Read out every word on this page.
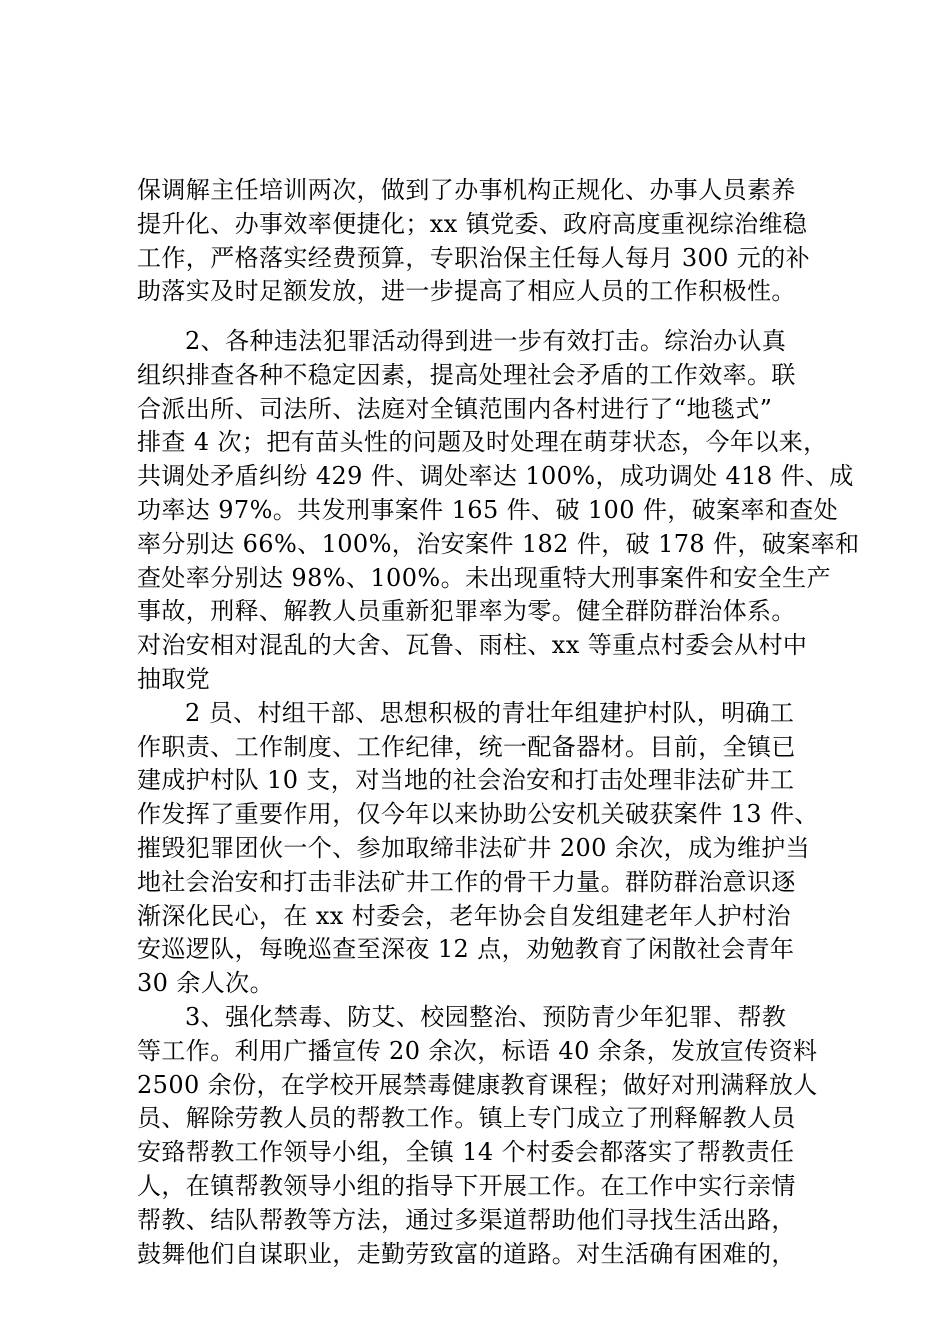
保调解主任培训两次，做到了办事机构正规化、办事人员素养
提升化、办事效率便捷化；xx 镇党委、政府高度重视综治维稳
工作，严格落实经费预算，专职治保主任每人每月 300 元的补
助落实及时足额发放，进一步提高了相应人员的工作积极性。
2、各种违法犯罪活动得到进一步有效打击。综治办认真
组织排查各种不稳定因素，提高处理社会矛盾的工作效率。联
合派出所、司法所、法庭对全镇范围内各村进行了“地毯式”
排查 4 次；把有苗头性的问题及时处理在萌芽状态，今年以来，
共调处矛盾纠纷 429 件、调处率达 100%，成功调处 418 件、成
功率达 97%。共发刑事案件 165 件、破 100 件，破案率和查处
率分别达 66%、100%，治安案件 182 件，破 178 件，破案率和
查处率分别达 98%、100%。未出现重特大刑事案件和安全生产
事故，刑释、解教人员重新犯罪率为零。健全群防群治体系。
对治安相对混乱的大舍、瓦鲁、雨柱、xx 等重点村委会从村中
抽取党
2 员、村组干部、思想积极的青壮年组建护村队，明确工
作职责、工作制度、工作纪律，统一配备器材。目前，全镇已
建成护村队 10 支，对当地的社会治安和打击处理非法矿井工
作发挥了重要作用，仅今年以来协助公安机关破获案件 13 件、
摧毁犯罪团伙一个、参加取缔非法矿井 200 余次，成为维护当
地社会治安和打击非法矿井工作的骨干力量。群防群治意识逐
渐深化民心，在 xx 村委会，老年协会自发组建老年人护村治
安巡逻队，每晚巡查至深夜 12 点，劝勉教育了闲散社会青年
30 余人次。
3、强化禁毒、防艾、校园整治、预防青少年犯罪、帮教
等工作。利用广播宣传 20 余次，标语 40 余条，发放宣传资料
2500 余份，在学校开展禁毒健康教育课程；做好对刑满释放人
员、解除劳教人员的帮教工作。镇上专门成立了刑释解教人员
安臵帮教工作领导小组，全镇 14 个村委会都落实了帮教责任
人，在镇帮教领导小组的指导下开展工作。在工作中实行亲情
帮教、结队帮教等方法，通过多渠道帮助他们寻找生活出路，
鼓舞他们自谋职业，走勤劳致富的道路。对生活确有困难的，
